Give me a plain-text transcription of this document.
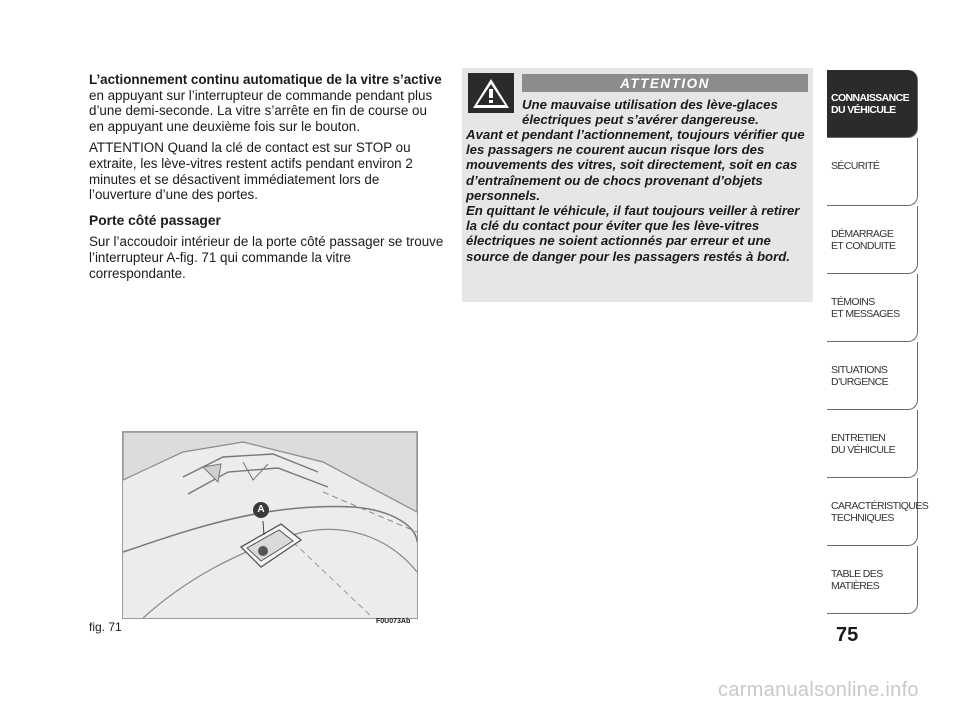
L’actionnement continu automatique de la vitre s’active en appuyant sur l’interrupteur de commande pendant plus d’une demi-seconde. La vitre s’arrête en fin de course ou en appuyant une deuxième fois sur le bouton.

ATTENTION Quand la clé de contact est sur STOP ou extraite, les lève-vitres restent actifs pendant environ 2 minutes et se désactivent immédiatement lors de l’ouverture d’une des portes.

Porte côté passager

Sur l’accoudoir intérieur de la porte côté passager se trouve l’interrupteur A-fig. 71 qui commande la vitre correspondante.

ATTENTION
Une mauvaise utilisation des lève-glaces électriques peut s’avérer dangereuse.

Avant et pendant l’actionnement, toujours vérifier que les passagers ne courent aucun risque lors des mouvements des vitres, soit directement, soit en cas d’entraînement ou de chocs provenant d’objets personnels.

En quittant le véhicule, il faut toujours veiller à retirer la clé du contact pour éviter que les lève-vitres électriques ne soient actionnés par erreur et une source de danger pour les passagers restés à bord.

A
fig. 71	F0U073Ab
CONNAISSANCE
DU VÉHICULE
SÉCURITÉ

DÉMARRAGE
ET CONDUITE
TÉMOINS
ET MESSAGES
SITUATIONS
D’URGENCE
ENTRETIEN
DU VÉHICULE
CARACTÉRISTIQUES
TECHNIQUES
TABLE DES
MATIÈRES
75
carmanualsonline.info
